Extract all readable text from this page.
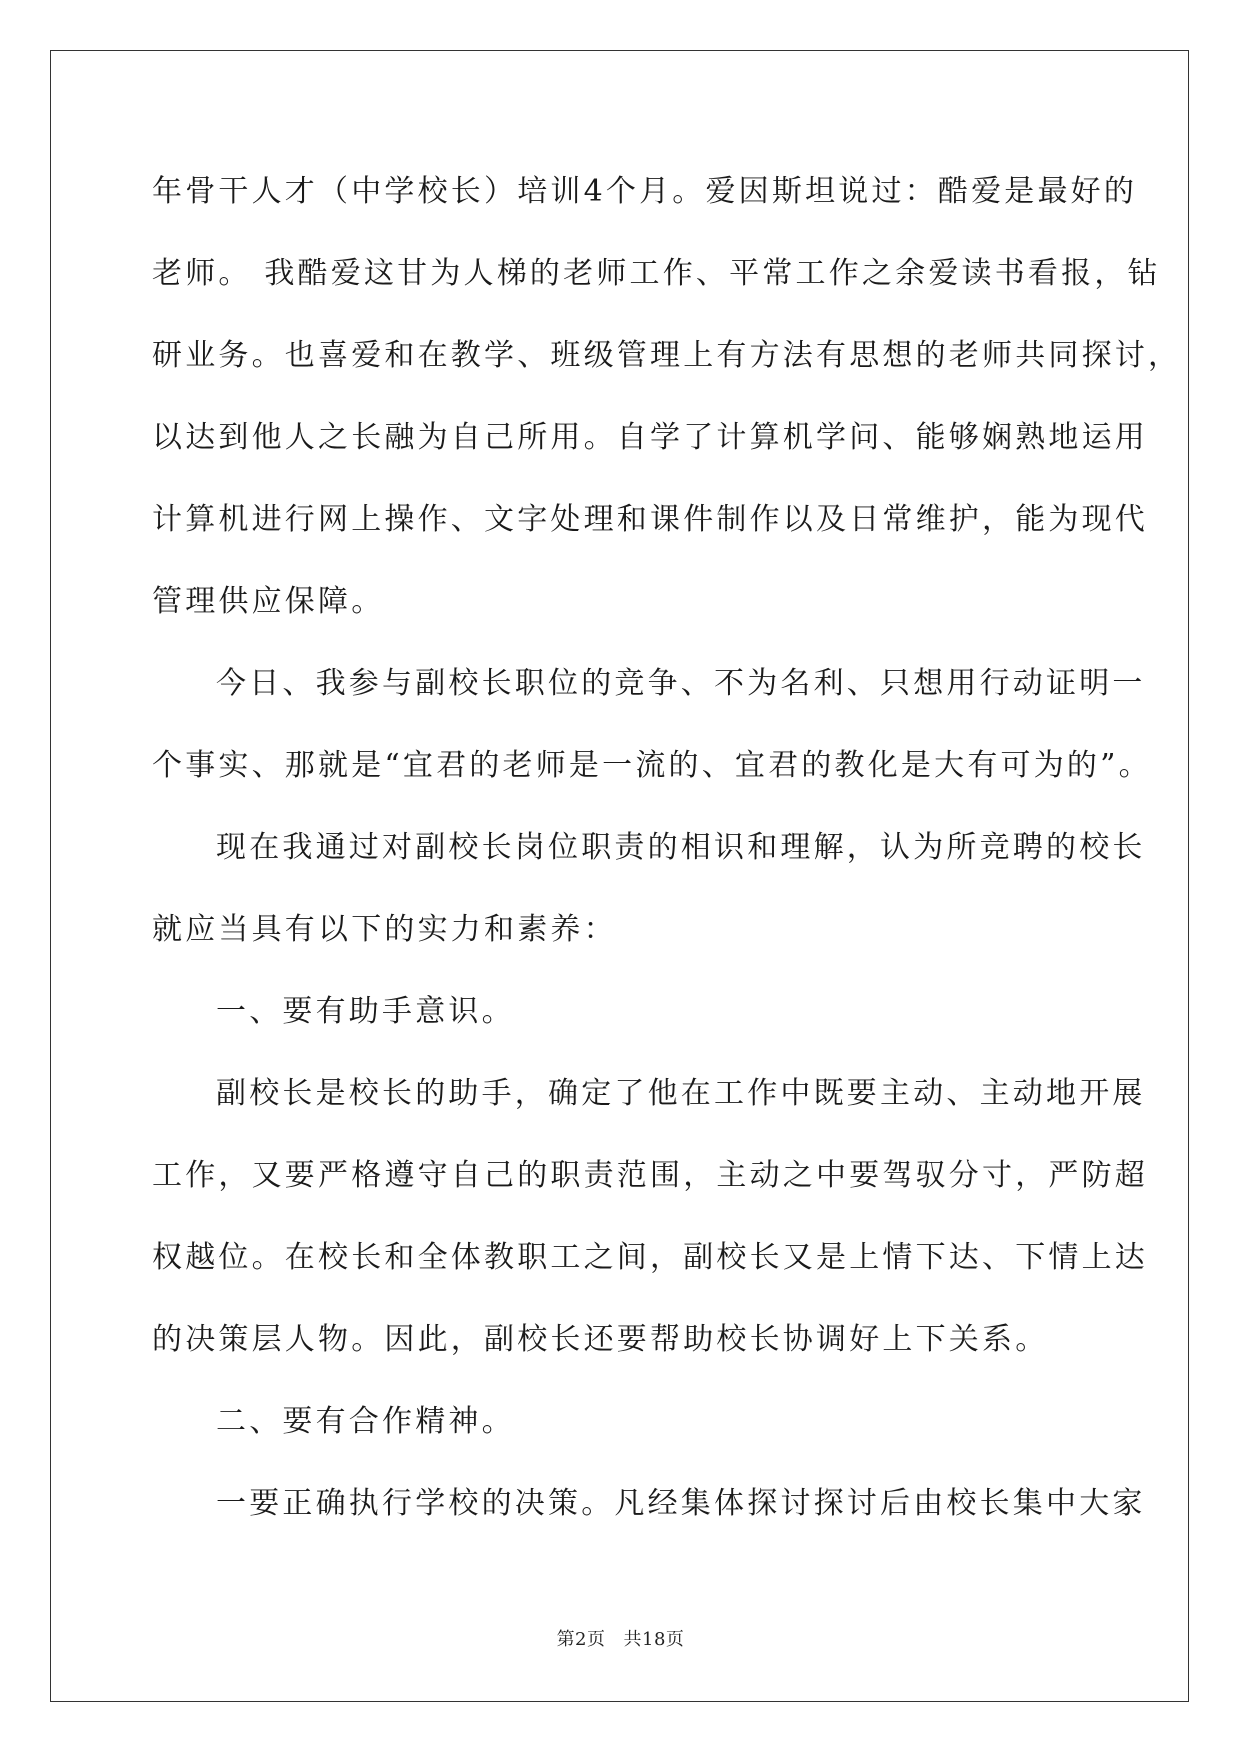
年骨干人才（中学校长）培训4个月。爱因斯坦说过：酷爱是最好的
老师。 我酷爱这甘为人梯的老师工作、平常工作之余爱读书看报，钻
研业务。也喜爱和在教学、班级管理上有方法有思想的老师共同探讨，
以达到他人之长融为自己所用。自学了计算机学问、能够娴熟地运用
计算机进行网上操作、文字处理和课件制作以及日常维护，能为现代
管理供应保障。
今日、我参与副校长职位的竞争、不为名利、只想用行动证明一
个事实、那就是“宜君的老师是一流的、宜君的教化是大有可为的”。
现在我通过对副校长岗位职责的相识和理解，认为所竞聘的校长
就应当具有以下的实力和素养：
一、要有助手意识。
副校长是校长的助手，确定了他在工作中既要主动、主动地开展
工作，又要严格遵守自己的职责范围，主动之中要驾驭分寸，严防超
权越位。在校长和全体教职工之间，副校长又是上情下达、下情上达
的决策层人物。因此，副校长还要帮助校长协调好上下关系。
二、要有合作精神。
一要正确执行学校的决策。凡经集体探讨探讨后由校长集中大家
第2页 共18页
